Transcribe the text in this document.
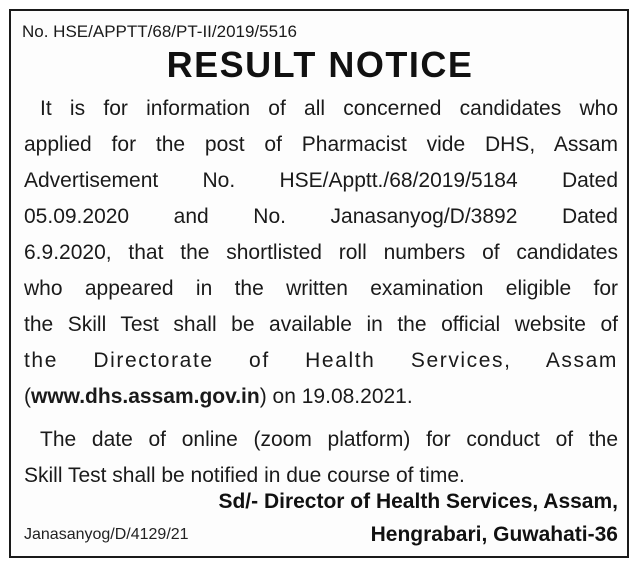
No. HSE/APPTT/68/PT-II/2019/5516
RESULT NOTICE
It is for information of all concerned candidates who
applied for the post of Pharmacist vide DHS, Assam
Advertisement No. HSE/Apptt./68/2019/5184 Dated
05.09.2020 and No. Janasanyog/D/3892 Dated
6.9.2020, that the shortlisted roll numbers of candidates
who appeared in the written examination eligible for
the Skill Test shall be available in the official website of
the Directorate of Health Services, Assam
(www.dhs.assam.gov.in) on 19.08.2021.
The date of online (zoom platform) for conduct of the
Skill Test shall be notified in due course of time.
Sd/- Director of Health Services, Assam,
Hengrabari, Guwahati-36
Janasanyog/D/4129/21
